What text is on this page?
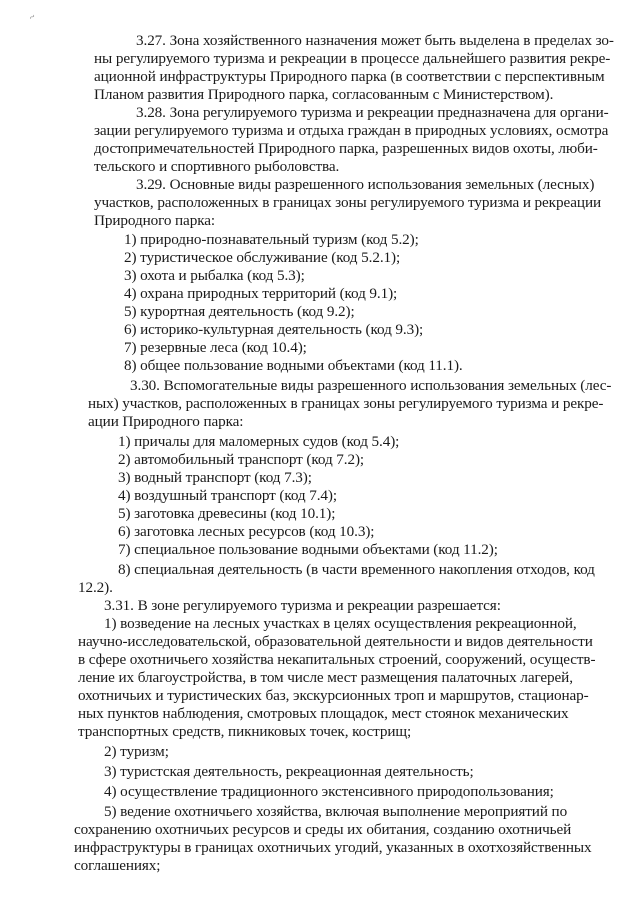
~
3.27. Зона хозяйственного назначения может быть выделена в пределах зо-
ны регулируемого туризма и рекреации в процессе дальнейшего развития рекре-
ационной инфраструктуры Природного парка (в соответствии с перспективным
Планом развития Природного парка, согласованным с Министерством).
3.28. Зона регулируемого туризма и рекреации предназначена для органи-
зации регулируемого туризма и отдыха граждан в природных условиях, осмотра
достопримечательностей Природного парка, разрешенных видов охоты, люби-
тельского и спортивного рыболовства.
3.29. Основные виды разрешенного использования земельных (лесных)
участков, расположенных в границах зоны регулируемого туризма и рекреации
Природного парка:
1) природно-познавательный туризм (код 5.2);
2) туристическое обслуживание (код 5.2.1);
3) охота и рыбалка (код 5.3);
4) охрана природных территорий (код 9.1);
5) курортная деятельность (код 9.2);
6) историко-культурная деятельность (код 9.3);
7) резервные леса (код 10.4);
8) общее пользование водными объектами (код 11.1).
3.30. Вспомогательные виды разрешенного использования земельных (лес-
ных) участков, расположенных в границах зоны регулируемого туризма и рекре-
ации Природного парка:
1) причалы для маломерных судов (код 5.4);
2) автомобильный транспорт (код 7.2);
3) водный транспорт (код 7.3);
4) воздушный транспорт (код 7.4);
5) заготовка древесины (код 10.1);
6) заготовка лесных ресурсов (код 10.3);
7) специальное пользование водными объектами (код 11.2);
8) специальная деятельность (в части временного накопления отходов, код
12.2).
3.31. В зоне регулируемого туризма и рекреации разрешается:
1) возведение на лесных участках в целях осуществления рекреационной,
научно-исследовательской, образовательной деятельности и видов деятельности
в сфере охотничьего хозяйства некапитальных строений, сооружений, осуществ-
ление их благоустройства, в том числе мест размещения палаточных лагерей,
охотничьих и туристических баз, экскурсионных троп и маршрутов, стационар-
ных пунктов наблюдения, смотровых площадок, мест стоянок механических
транспортных средств, пикниковых точек, кострищ;
2) туризм;
3) туристская деятельность, рекреационная деятельность;
4) осуществление традиционного экстенсивного природопользования;
5) ведение охотничьего хозяйства, включая выполнение мероприятий по
сохранению охотничьих ресурсов и среды их обитания, созданию охотничьей
инфраструктуры в границах охотничьих угодий, указанных в охотхозяйственных
соглашениях;
